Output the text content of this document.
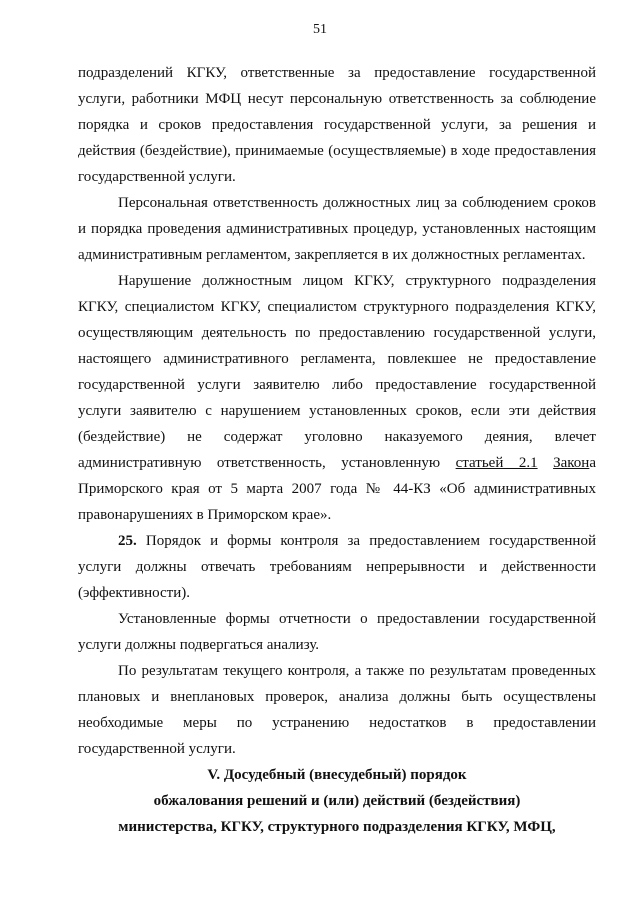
51

подразделений КГКУ, ответственные за предоставление государственной услуги, работники МФЦ несут персональную ответственность за соблюдение порядка и сроков предоставления государственной услуги, за решения и действия (бездействие), принимаемые (осуществляемые) в ходе предоставления государственной услуги.

Персональная ответственность должностных лиц за соблюдением сроков и порядка проведения административных процедур, установленных настоящим административным регламентом, закрепляется в их должностных регламентах.

Нарушение должностным лицом КГКУ, структурного подразделения КГКУ, специалистом КГКУ, специалистом структурного подразделения КГКУ, осуществляющим деятельность по предоставлению государственной услуги, настоящего административного регламента, повлекшее не предоставление государственной услуги заявителю либо предоставление государственной услуги заявителю с нарушением установленных сроков, если эти действия (бездействие) не содержат уголовно наказуемого деяния, влечет административную ответственность, установленную статьей 2.1 Закона Приморского края от 5 марта 2007 года № 44-КЗ «Об административных правонарушениях в Приморском крае».

25. Порядок и формы контроля за предоставлением государственной услуги должны отвечать требованиям непрерывности и действенности (эффективности).

Установленные формы отчетности о предоставлении государственной услуги должны подвергаться анализу.

По результатам текущего контроля, а также по результатам проведенных плановых и внеплановых проверок, анализа должны быть осуществлены необходимые меры по устранению недостатков в предоставлении государственной услуги.

V. Досудебный (внесудебный) порядок

обжалования решений и (или) действий (бездействия)

министерства, КГКУ, структурного подразделения КГКУ, МФЦ,
